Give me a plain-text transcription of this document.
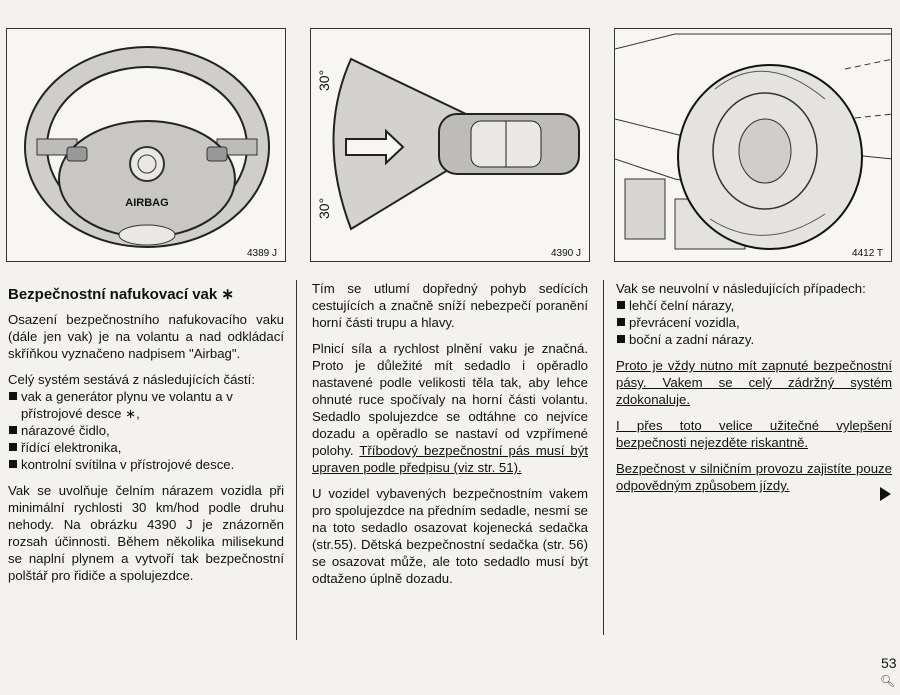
AIRBAG
4389 J
30°
30°
4390 J	4412 T
Bezpečnostní nafukovací vak ∗

Osazení bezpečnostního nafukovacího vaku (dále jen vak) je na volantu a nad odkládací skříňkou vyznačeno nadpisem "Airbag".

Celý systém sestává z následujících částí:

vak a generátor plynu ve volantu a v přístrojové desce ∗,
nárazové čidlo,
řídící elektronika,
kontrolní svítilna v přístrojové desce.

Vak se uvolňuje čelním nárazem vozidla při minimální rychlosti 30 km/hod podle druhu nehody. Na obrázku 4390 J je znázorněn rozsah účinnosti. Během několika milisekund se naplní plynem a vytvoří tak bezpečnostní polštář pro řidiče a spolujezdce.

Tím se utlumí dopředný pohyb sedících cestujících a značně sníží nebezpečí poranění horní části trupu a hlavy.

Plnicí síla a rychlost plnění vaku je značná. Proto je důležité mít sedadlo i opěradlo nastavené podle velikosti těla tak, aby lehce ohnuté ruce spočívaly na horní části volantu. Sedadlo spolujezdce se odtáhne co nejvíce dozadu a opěradlo se nastaví od vzpřímené polohy. Tříbodový bezpečnostní pás musí být upraven podle předpisu (viz str. 51).

U vozidel vybavených bezpečnostním vakem pro spolujezdce na předním sedadle, nesmí se na toto sedadlo osazovat kojenecká sedačka (str.55). Dětská bezpečnostní sedačka (str. 56) se osazovat může, ale toto sedadlo musí být odtaženo úplně dozadu.

Vak se neuvolní v následujících případech:

lehčí čelní nárazy,
převrácení vozidla,
boční a zadní nárazy.

Proto je vždy nutno mít zapnuté bezpečnostní pásy. Vakem se celý zádržný systém zdokonaluje.

I přes toto velice užitečné vylepšení bezpečnosti nejezděte riskantně.

Bezpečnost v silničním provozu zajistíte pouze odpovědným způsobem jízdy.

53
🔍︎
